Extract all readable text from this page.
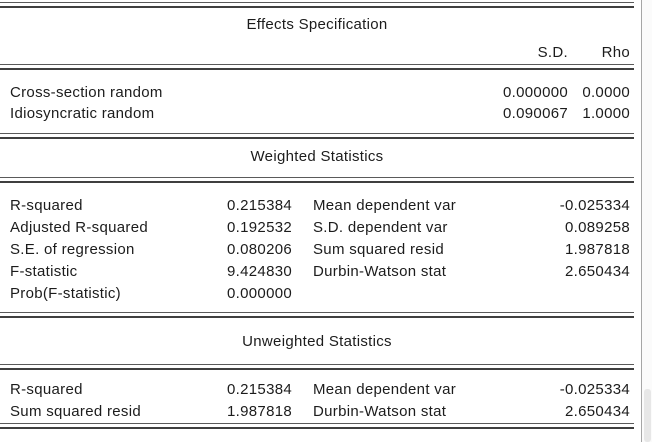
Effects Specification
S.D.	Rho
Cross-section random	0.000000 0.0000
Idiosyncratic random	0.090067 1.0000
Weighted Statistics
R-squared	0.215384	Mean dependent var	-0.025334
Adjusted R-squared	0.192532	S.D. dependent var	0.089258
S.E. of regression	0.080206	Sum squared resid	1.987818
F-statistic	9.424830	Durbin-Watson stat	2.650434
Prob(F-statistic)	0.000000
Unweighted Statistics
R-squared	0.215384	Mean dependent var	-0.025334
Sum squared resid	1.987818	Durbin-Watson stat	2.650434
